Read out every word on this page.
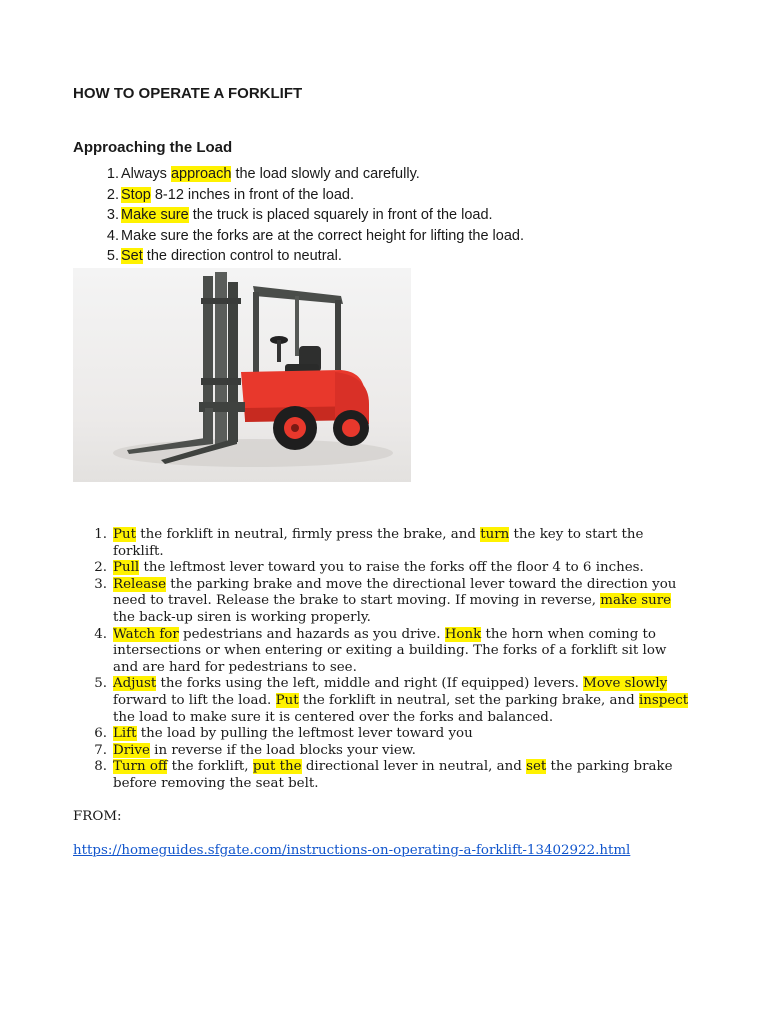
HOW TO OPERATE A FORKLIFT
Approaching the Load
1. Always approach the load slowly and carefully.
2. Stop 8-12 inches in front of the load.
3. Make sure the truck is placed squarely in front of the load.
4. Make sure the forks are at the correct height for lifting the load.
5. Set the direction control to neutral.
1. Put the forklift in neutral, firmly press the brake, and turn the key to start the forklift.
2. Pull the leftmost lever toward you to raise the forks off the floor 4 to 6 inches.
3. Release the parking brake and move the directional lever toward the direction you need to travel. Release the brake to start moving. If moving in reverse, make sure the back-up siren is working properly.
4. Watch for pedestrians and hazards as you drive. Honk the horn when coming to intersections or when entering or exiting a building. The forks of a forklift sit low and are hard for pedestrians to see.
5. Adjust the forks using the left, middle and right (If equipped) levers. Move slowly forward to lift the load. Put the forklift in neutral, set the parking brake, and inspect the load to make sure it is centered over the forks and balanced.
6. Lift the load by pulling the leftmost lever toward you
7. Drive in reverse if the load blocks your view.
8. Turn off the forklift, put the directional lever in neutral, and set the parking brake before removing the seat belt.

FROM:

https://homeguides.sfgate.com/instructions-on-operating-a-forklift-13402922.html
